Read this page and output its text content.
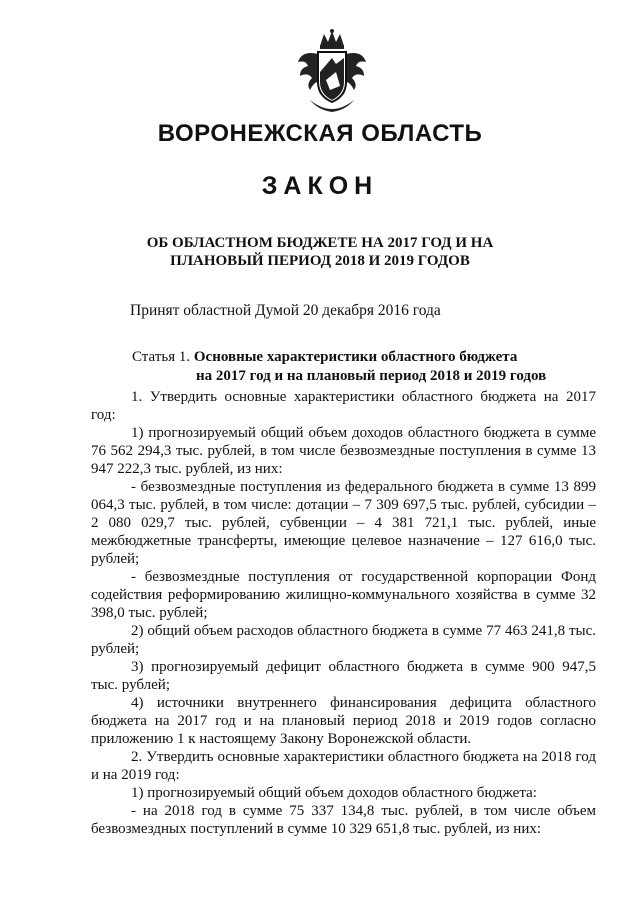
ВОРОНЕЖСКАЯ ОБЛАСТЬ
ЗАКОН
ОБ ОБЛАСТНОМ БЮДЖЕТЕ НА 2017 ГОД И НА
ПЛАНОВЫЙ ПЕРИОД 2018 И 2019 ГОДОВ
Принят областной Думой 20 декабря 2016 года
Статья 1. Основные характеристики областного бюджета
на 2017 год и на плановый период 2018 и 2019 годов

1. Утвердить основные характеристики областного бюджета на 2017 год:

1) прогнозируемый общий объем доходов областного бюджета в сумме 76 562 294,3 тыс. рублей, в том числе безвозмездные поступления в сумме 13 947 222,3 тыс. рублей, из них:

- безвозмездные поступления из федерального бюджета в сумме 13 899 064,3 тыс. рублей, в том числе: дотации – 7 309 697,5 тыс. рублей, субсидии – 2 080 029,7 тыс. рублей, субвенции – 4 381 721,1 тыс. рублей, иные межбюджетные трансферты, имеющие целевое назначение – 127 616,0 тыс. рублей;

- безвозмездные поступления от государственной корпорации Фонд содействия реформированию жилищно-коммунального хозяйства в сумме 32 398,0 тыс. рублей;

2) общий объем расходов областного бюджета в сумме 77 463 241,8 тыс. рублей;

3) прогнозируемый дефицит областного бюджета в сумме 900 947,5 тыс. рублей;

4) источники внутреннего финансирования дефицита областного бюджета на 2017 год и на плановый период 2018 и 2019 годов согласно приложению 1 к настоящему Закону Воронежской области.

2. Утвердить основные характеристики областного бюджета на 2018 год и на 2019 год:

1) прогнозируемый общий объем доходов областного бюджета:

- на 2018 год в сумме 75 337 134,8 тыс. рублей, в том числе объем безвозмездных поступлений в сумме 10 329 651,8 тыс. рублей, из них:
